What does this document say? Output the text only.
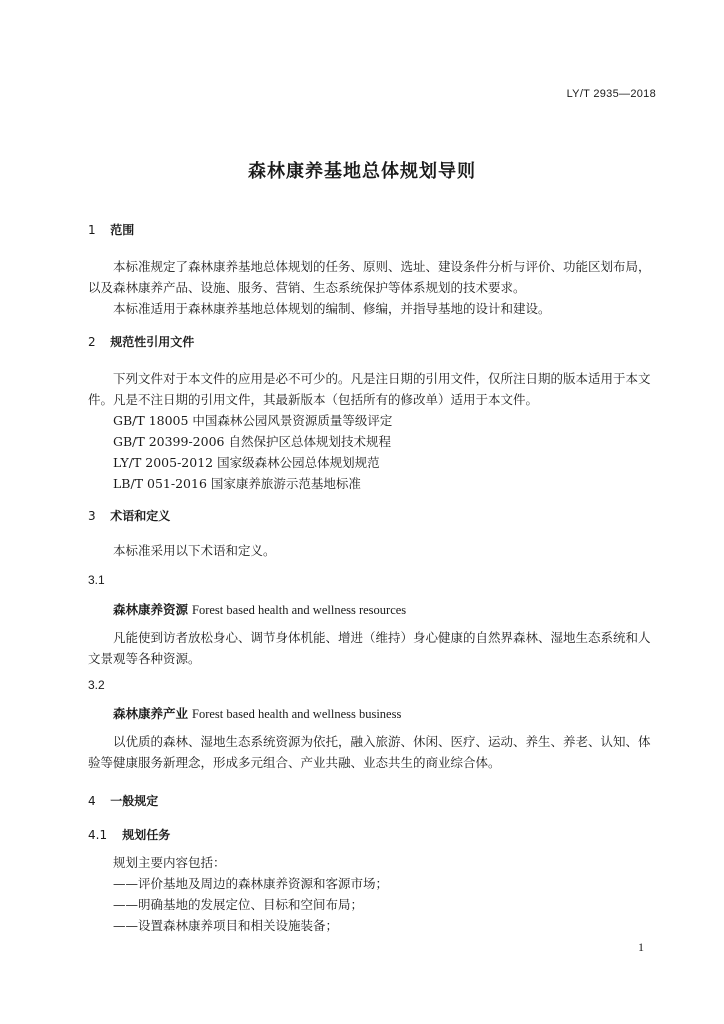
LY/T 2935—2018
森林康养基地总体规划导则
1 范围

本标准规定了森林康养基地总体规划的任务、原则、选址、建设条件分析与评价、功能区划布局，

以及森林康养产品、设施、服务、营销、生态系统保护等体系规划的技术要求。

本标准适用于森林康养基地总体规划的编制、修编，并指导基地的设计和建设。

2 规范性引用文件

下列文件对于本文件的应用是必不可少的。凡是注日期的引用文件，仅所注日期的版本适用于本文

件。凡是不注日期的引用文件，其最新版本（包括所有的修改单）适用于本文件。

GB/T 18005 中国森林公园风景资源质量等级评定

GB/T 20399-2006 自然保护区总体规划技术规程

LY/T 2005-2012 国家级森林公园总体规划规范

LB/T 051-2016 国家康养旅游示范基地标准

3 术语和定义

本标准采用以下术语和定义。

3.1

森林康养资源 Forest based health and wellness resources

凡能使到访者放松身心、调节身体机能、增进（维持）身心健康的自然界森林、湿地生态系统和人

文景观等各种资源。

3.2

森林康养产业 Forest based health and wellness business

以优质的森林、湿地生态系统资源为依托，融入旅游、休闲、医疗、运动、养生、养老、认知、体

验等健康服务新理念，形成多元组合、产业共融、业态共生的商业综合体。

4 一般规定
4.1 规划任务

规划主要内容包括：

——评价基地及周边的森林康养资源和客源市场；

——明确基地的发展定位、目标和空间布局；

——设置森林康养项目和相关设施装备；

1
